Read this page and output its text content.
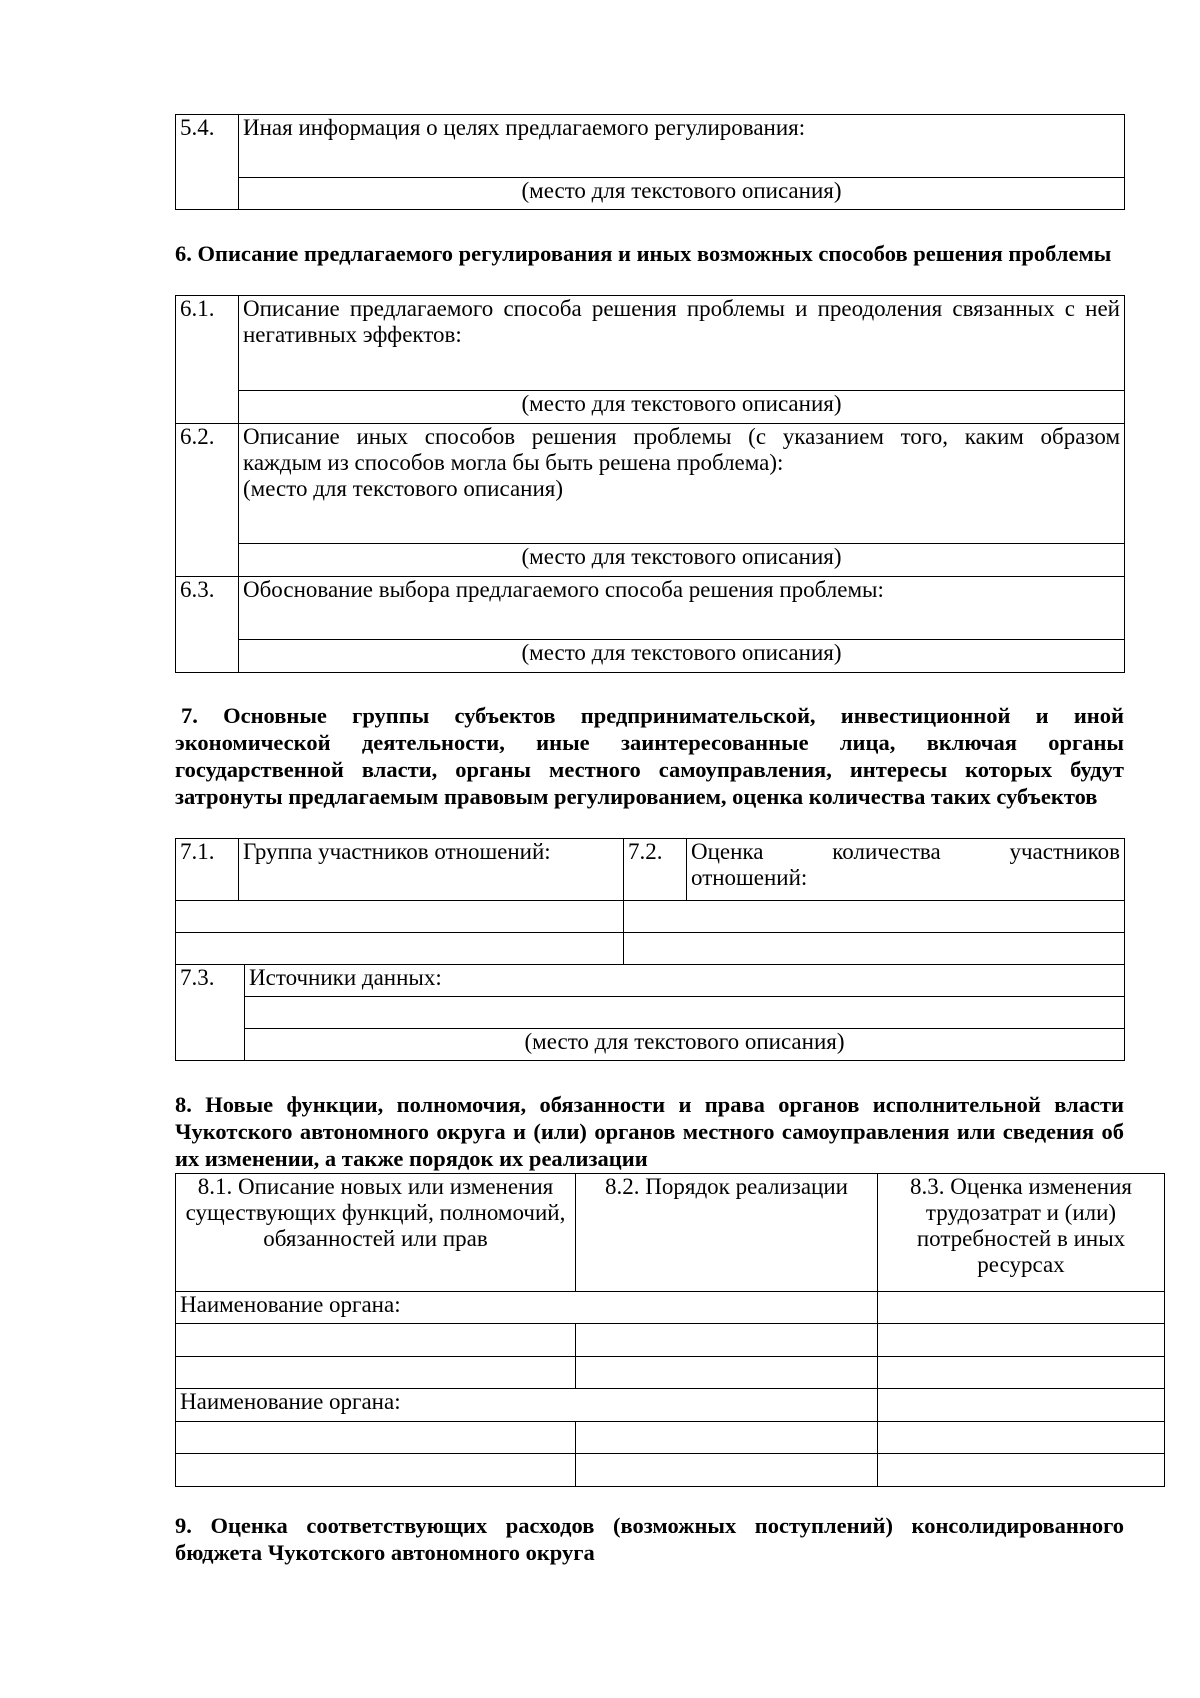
5.4.	Иная информация о целях предлагаемого регулирования:
(место для текстового описания)

6. Описание предлагаемого регулирования и иных возможных способов решения проблемы

6.1.	Описание предлагаемого способа решения проблемы и преодоления связанных с ней
негативных эффектов:
	(место для текстового описания)
6.2.	Описание иных способов решения проблемы (с указанием того, каким образом
каждым из способов могла бы быть решена проблема):
(место для текстового описания)
	(место для текстового описания)
6.3.	Обоснование выбора предлагаемого способа решения проблемы:
	(место для текстового описания)

7. Основные группы субъектов предпринимательской, инвестиционной и иной экономической деятельности, иные заинтересованные лица, включая органы государственной власти, органы местного самоуправления, интересы которых будут затронуты предлагаемым правовым регулированием, оценка количества таких субъектов

7.1.	Группа участников отношений:	7.2.	Оценка количества участников
отношений:

7.3.	Источники данных:

(место для текстового описания)

8. Новые функции, полномочия, обязанности и права органов исполнительной власти Чукотского автономного округа и (или) органов местного самоуправления или сведения об их изменении, а также порядок их реализации

8.1. Описание новых или изменения существующих функций, полномочий, обязанностей или прав	8.2. Порядок реализации	8.3. Оценка изменения трудозатрат и (или) потребностей в иных ресурсах
Наименование органа:		

Наименование органа:		

9. Оценка соответствующих расходов (возможных поступлений) консолидированного бюджета Чукотского автономного округа
